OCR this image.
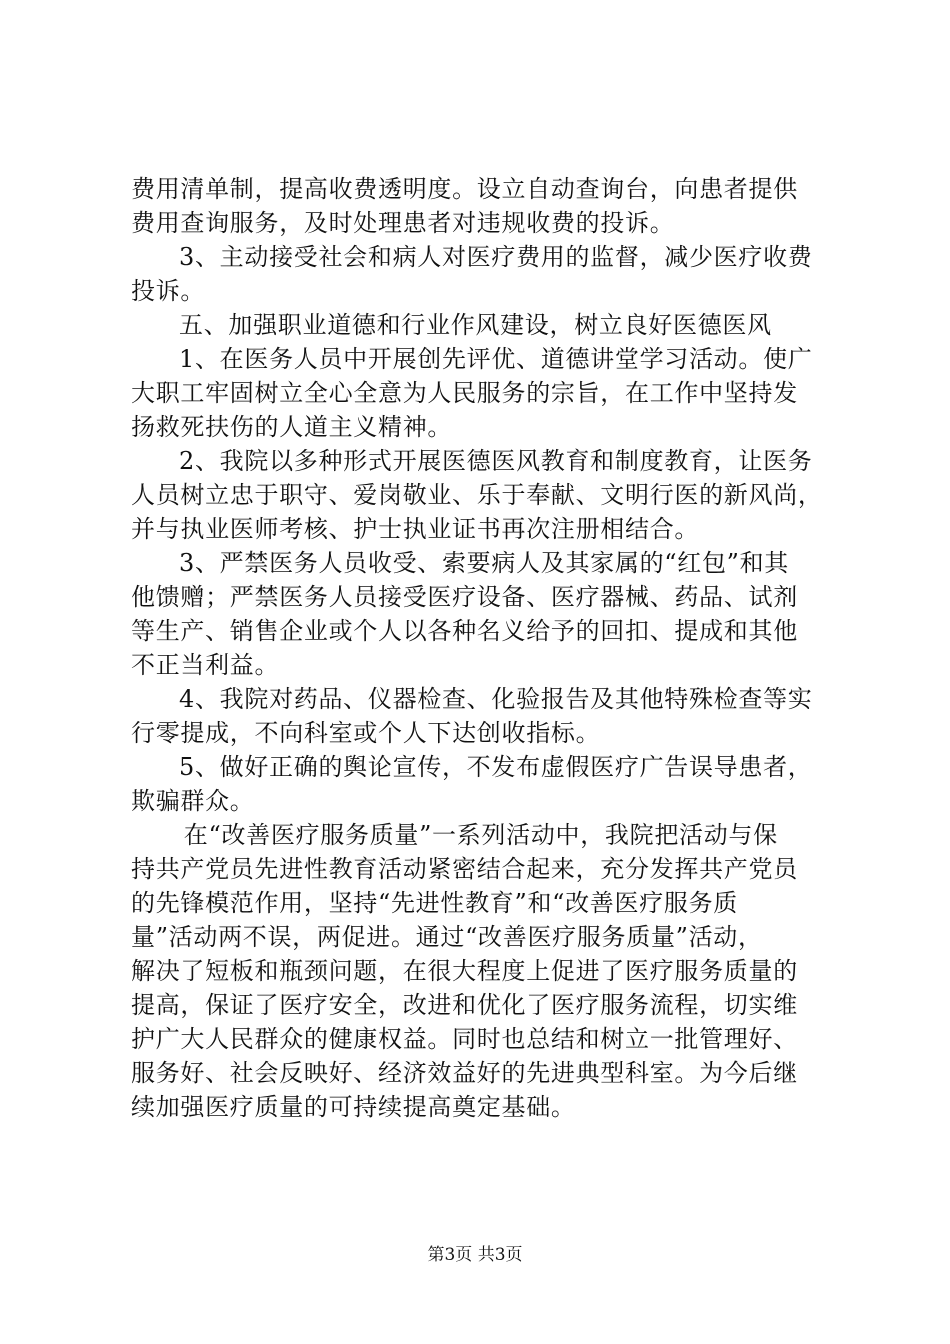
费用清单制，提高收费透明度。设立自动查询台，向患者提供
费用查询服务，及时处理患者对违规收费的投诉。
3、主动接受社会和病人对医疗费用的监督，减少医疗收费
投诉。
五、加强职业道德和行业作风建设，树立良好医德医风
1、在医务人员中开展创先评优、道德讲堂学习活动。使广
大职工牢固树立全心全意为人民服务的宗旨，在工作中坚持发
扬救死扶伤的人道主义精神。
2、我院以多种形式开展医德医风教育和制度教育，让医务
人员树立忠于职守、爱岗敬业、乐于奉献、文明行医的新风尚，
并与执业医师考核、护士执业证书再次注册相结合。
3、严禁医务人员收受、索要病人及其家属的“红包”和其
他馈赠；严禁医务人员接受医疗设备、医疗器械、药品、试剂
等生产、销售企业或个人以各种名义给予的回扣、提成和其他
不正当利益。
4、我院对药品、仪器检查、化验报告及其他特殊检查等实
行零提成，不向科室或个人下达创收指标。
5、做好正确的舆论宣传，不发布虚假医疗广告误导患者，
欺骗群众。
在“改善医疗服务质量”一系列活动中，我院把活动与保
持共产党员先进性教育活动紧密结合起来，充分发挥共产党员
的先锋模范作用，坚持“先进性教育”和“改善医疗服务质
量”活动两不误，两促进。通过“改善医疗服务质量”活动，
解决了短板和瓶颈问题，在很大程度上促进了医疗服务质量的
提高，保证了医疗安全，改进和优化了医疗服务流程，切实维
护广大人民群众的健康权益。同时也总结和树立一批管理好、
服务好、社会反映好、经济效益好的先进典型科室。为今后继
续加强医疗质量的可持续提高奠定基础。
第3页 共3页
